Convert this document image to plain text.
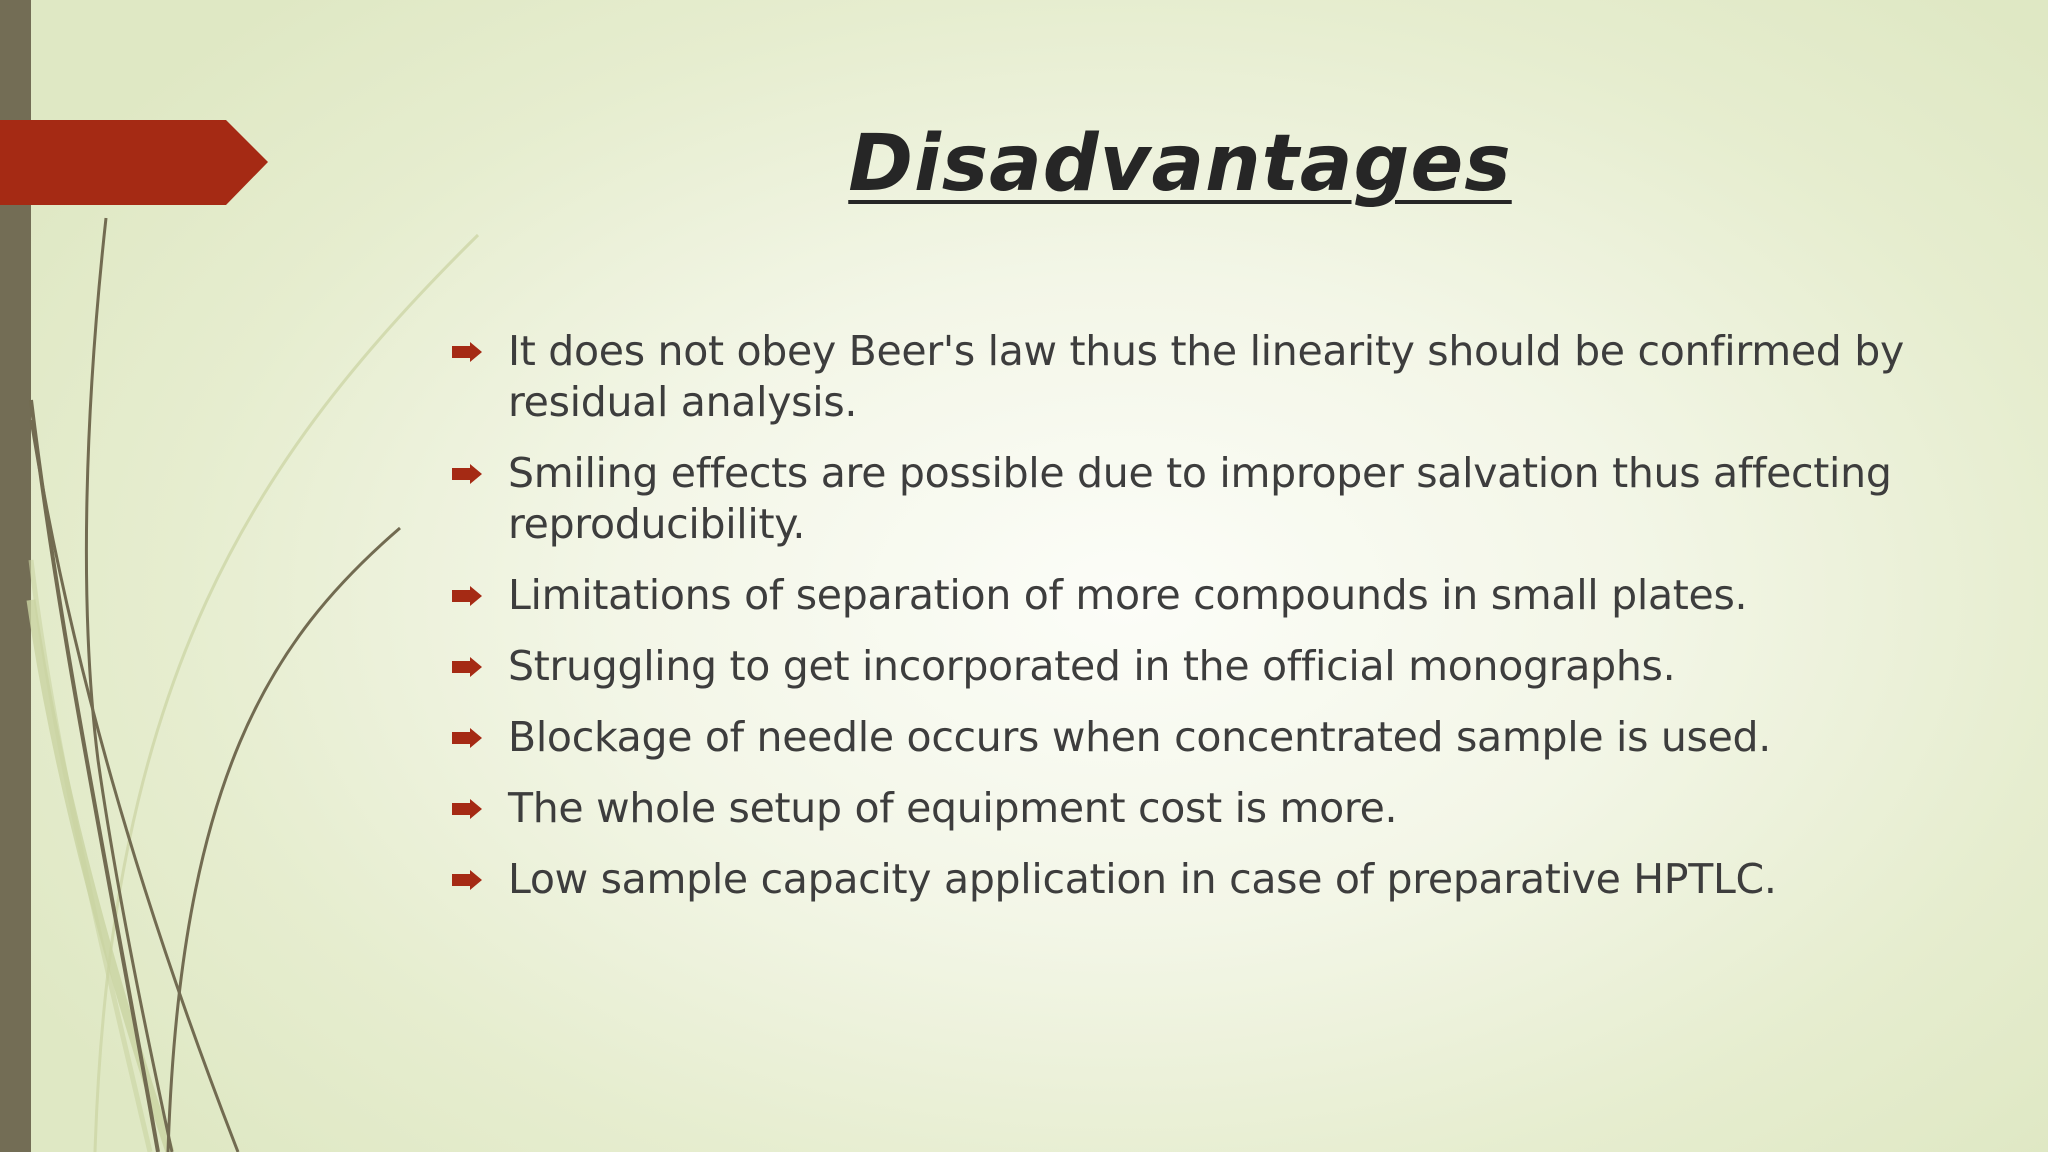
Disadvantages
It does not obey Beer's law thus the linearity should be confirmed by residual analysis.
Smiling effects are possible due to improper salvation thus affecting reproducibility.
Limitations of separation of more compounds in small plates.
Struggling to get incorporated in the official monographs.
Blockage of needle occurs when concentrated sample is used.
The whole setup of equipment cost is more.
Low sample capacity application in case of preparative HPTLC.
